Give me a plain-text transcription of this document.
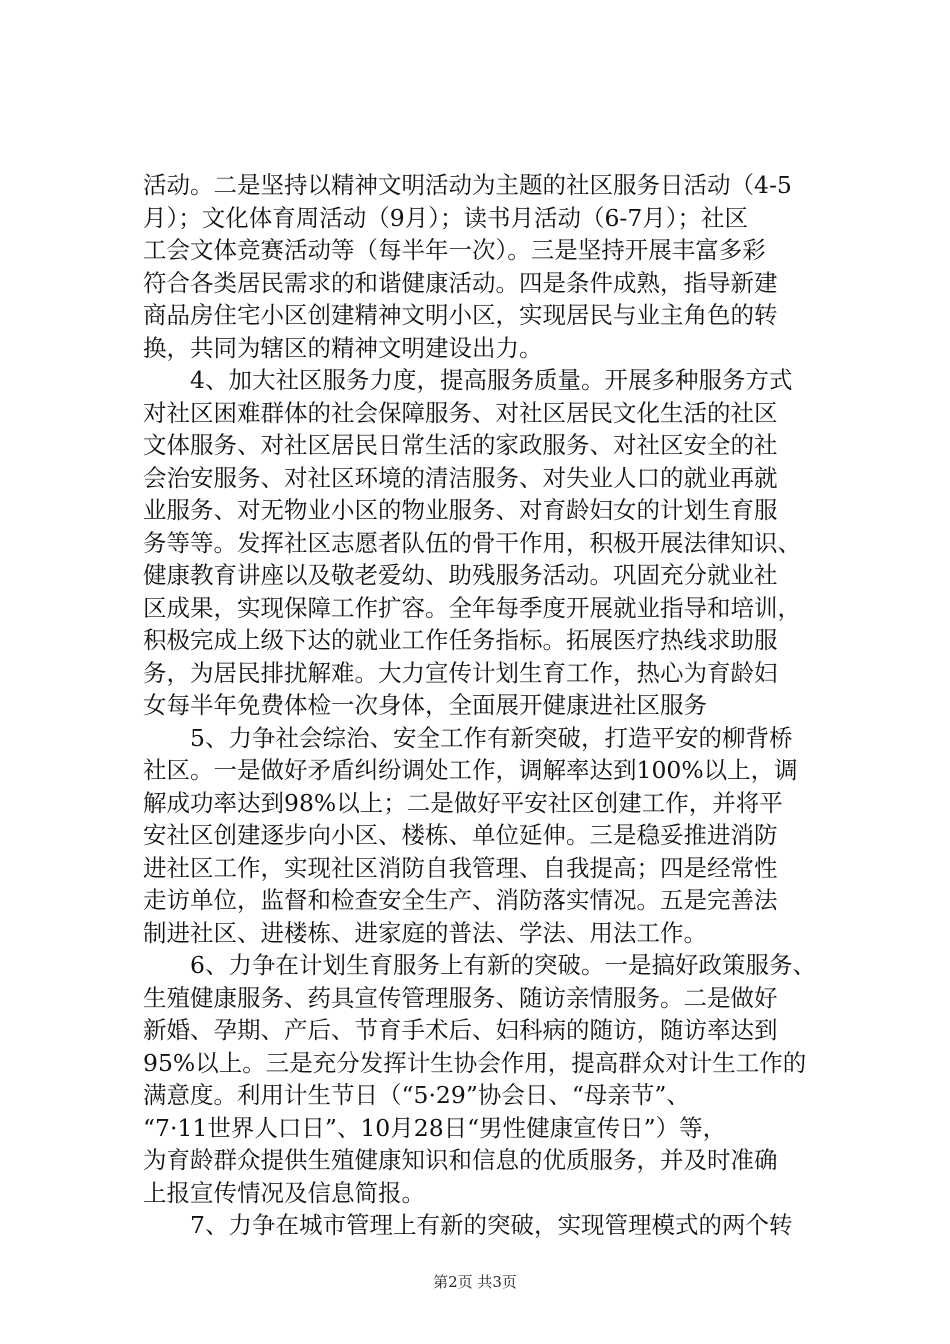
活动。二是坚持以精神文明活动为主题的社区服务日活动（4-5
月）；文化体育周活动（9月）；读书月活动（6-7月）；社区
工会文体竞赛活动等（每半年一次）。三是坚持开展丰富多彩
符合各类居民需求的和谐健康活动。四是条件成熟，指导新建
商品房住宅小区创建精神文明小区，实现居民与业主角色的转
换，共同为辖区的精神文明建设出力。
　　4、加大社区服务力度，提高服务质量。开展多种服务方式
对社区困难群体的社会保障服务、对社区居民文化生活的社区
文体服务、对社区居民日常生活的家政服务、对社区安全的社
会治安服务、对社区环境的清洁服务、对失业人口的就业再就
业服务、对无物业小区的物业服务、对育龄妇女的计划生育服
务等等。发挥社区志愿者队伍的骨干作用，积极开展法律知识、
健康教育讲座以及敬老爱幼、助残服务活动。巩固充分就业社
区成果，实现保障工作扩容。全年每季度开展就业指导和培训，
积极完成上级下达的就业工作任务指标。拓展医疗热线求助服
务，为居民排扰解难。大力宣传计划生育工作，热心为育龄妇
女每半年免费体检一次身体，全面展开健康进社区服务
　　5、力争社会综治、安全工作有新突破，打造平安的柳背桥
社区。一是做好矛盾纠纷调处工作，调解率达到100%以上，调
解成功率达到98%以上；二是做好平安社区创建工作，并将平
安社区创建逐步向小区、楼栋、单位延伸。三是稳妥推进消防
进社区工作，实现社区消防自我管理、自我提高；四是经常性
走访单位，监督和检查安全生产、消防落实情况。五是完善法
制进社区、进楼栋、进家庭的普法、学法、用法工作。
　　6、力争在计划生育服务上有新的突破。一是搞好政策服务、
生殖健康服务、药具宣传管理服务、随访亲情服务。二是做好
新婚、孕期、产后、节育手术后、妇科病的随访，随访率达到
95%以上。三是充分发挥计生协会作用，提高群众对计生工作的
满意度。利用计生节日（“5·29”协会日、“母亲节”、
“7·11世界人口日”、10月28日“男性健康宣传日”）等，
为育龄群众提供生殖健康知识和信息的优质服务，并及时准确
上报宣传情况及信息简报。
　　7、力争在城市管理上有新的突破，实现管理模式的两个转
第2页 共3页
